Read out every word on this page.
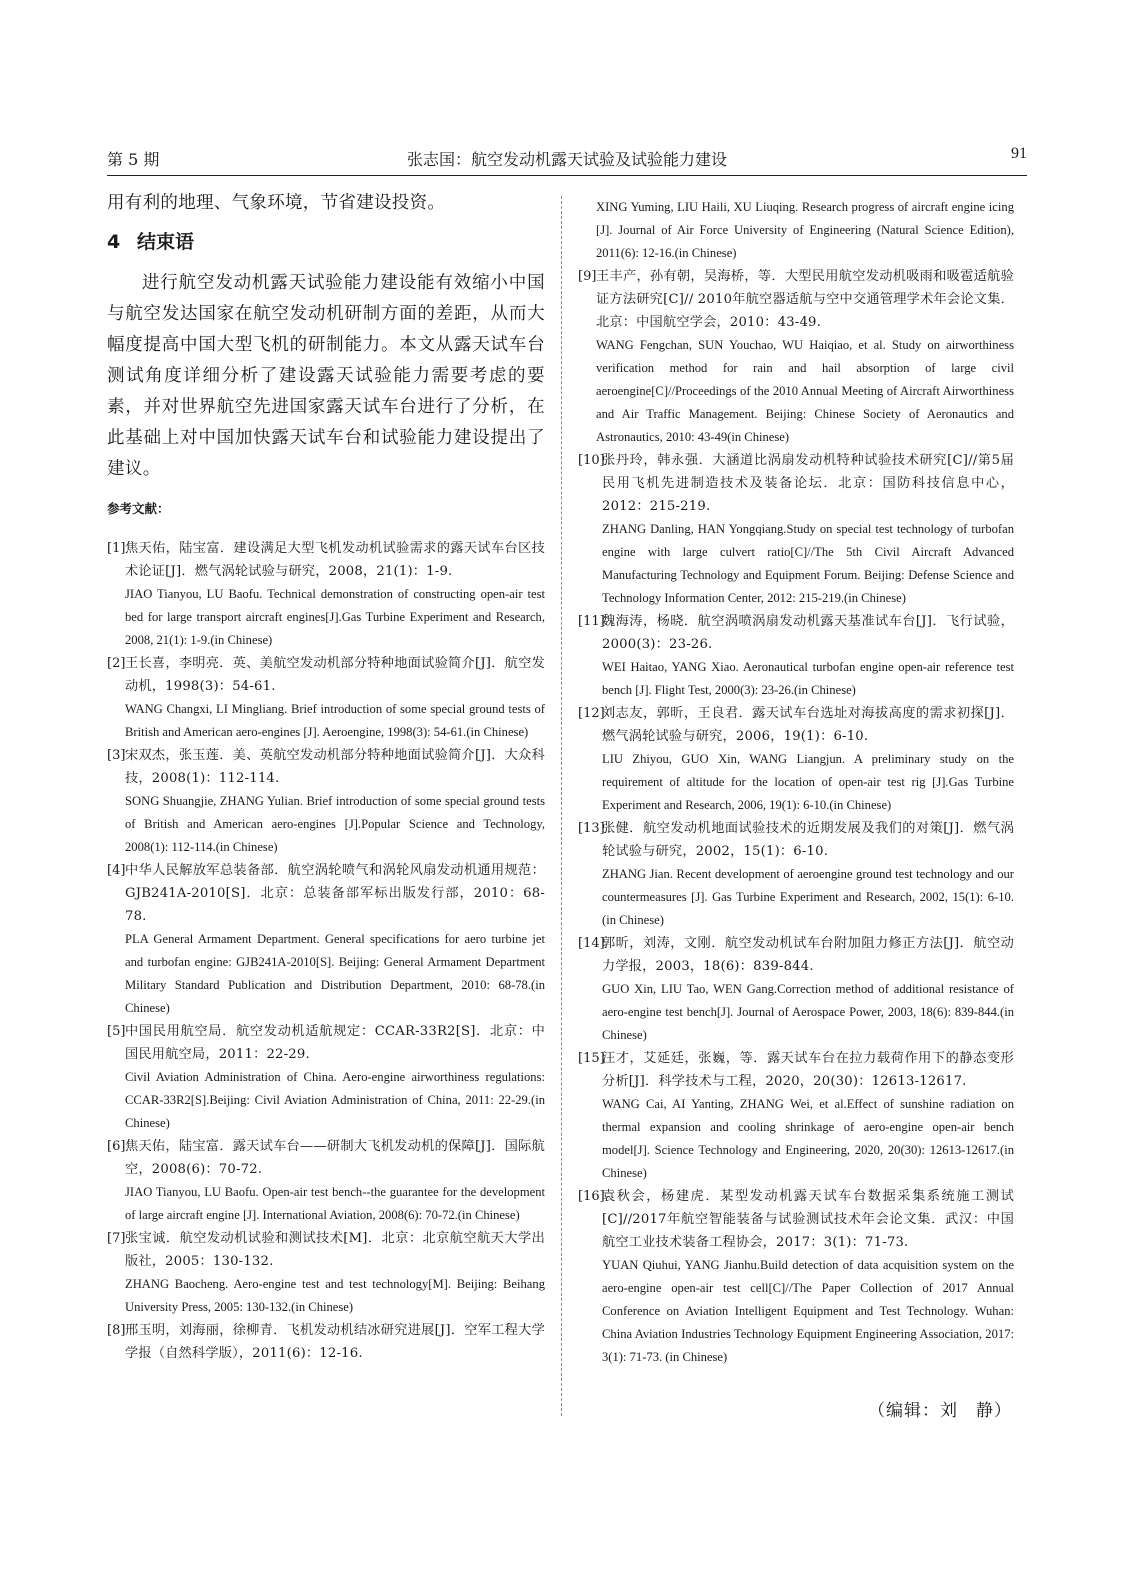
第 5 期	张志国：航空发动机露天试验及试验能力建设	91

用有利的地理、气象环境，节省建设投资。

4 结束语

进行航空发动机露天试验能力建设能有效缩小中国与航空发达国家在航空发动机研制方面的差距，从而大幅度提高中国大型飞机的研制能力。本文从露天试车台测试角度详细分析了建设露天试验能力需要考虑的要素，并对世界航空先进国家露天试车台进行了分析，在此基础上对中国加快露天试车台和试验能力建设提出了建议。

参考文献：
[1] 焦天佑，陆宝富．建设满足大型飞机发动机试验需求的露天试车台区技术论证[J]．燃气涡轮试验与研究，2008，21(1)：1-9.

JIAO Tianyou, LU Baofu. Technical demonstration of constructing open-air test bed for large transport aircraft engines[J].Gas Turbine Experiment and Research, 2008, 21(1): 1-9.(in Chinese)

[2] 王长喜，李明亮．英、美航空发动机部分特种地面试验简介[J]．航空发动机，1998(3)：54-61.

WANG Changxi, LI Mingliang. Brief introduction of some special ground tests of British and American aero-engines [J]. Aeroengine, 1998(3): 54-61.(in Chinese)

[3] 宋双杰，张玉莲．美、英航空发动机部分特种地面试验简介[J]．大众科技，2008(1)：112-114.

SONG Shuangjie, ZHANG Yulian. Brief introduction of some special ground tests of British and American aero-engines [J].Popular Science and Technology, 2008(1): 112-114.(in Chinese)

[4] 中华人民解放军总装备部．航空涡轮喷气和涡轮风扇发动机通用规范：GJB241A-2010[S]．北京：总装备部军标出版发行部，2010：68-78.

PLA General Armament Department. General specifications for aero turbine jet and turbofan engine: GJB241A-2010[S]. Beijing: General Armament Department Military Standard Publication and Distribution Department, 2010: 68-78.(in Chinese)

[5] 中国民用航空局．航空发动机适航规定：CCAR-33R2[S]．北京：中国民用航空局，2011：22-29.

Civil Aviation Administration of China. Aero-engine airworthiness regulations: CCAR-33R2[S].Beijing: Civil Aviation Administration of China, 2011: 22-29.(in Chinese)

[6] 焦天佑，陆宝富．露天试车台——研制大飞机发动机的保障[J]．国际航空，2008(6)：70-72.

JIAO Tianyou, LU Baofu. Open-air test bench--the guarantee for the development of large aircraft engine [J]. International Aviation, 2008(6): 70-72.(in Chinese)

[7] 张宝诚．航空发动机试验和测试技术[M]．北京：北京航空航天大学出版社，2005：130-132.

ZHANG Baocheng. Aero-engine test and test technology[M]. Beijing: Beihang University Press, 2005: 130-132.(in Chinese)

[8] 邢玉明，刘海丽，徐柳青．飞机发动机结冰研究进展[J]．空军工程大学学报（自然科学版），2011(6)：12-16.

XING Yuming, LIU Haili, XU Liuqing. Research progress of aircraft engine icing [J]. Journal of Air Force University of Engineering (Natural Science Edition), 2011(6): 12-16.(in Chinese)

[9] 王丰产，孙有朝，吴海桥，等．大型民用航空发动机吸雨和吸雹适航验证方法研究[C]// 2010年航空器适航与空中交通管理学术年会论文集．北京：中国航空学会，2010：43-49.

WANG Fengchan, SUN Youchao, WU Haiqiao, et al. Study on airworthiness verification method for rain and hail absorption of large civil aeroengine[C]//Proceedings of the 2010 Annual Meeting of Aircraft Airworthiness and Air Traffic Management. Beijing: Chinese Society of Aeronautics and Astronautics, 2010: 43-49(in Chinese)

[10]

张丹玲，韩永强．大涵道比涡扇发动机特种试验技术研究[C]//第5届民用飞机先进制造技术及装备论坛．北京：国防科技信息中心，2012：215-219.

ZHANG Danling, HAN Yongqiang.Study on special test technology of turbofan engine with large culvert ratio[C]//The 5th Civil Aircraft Advanced Manufacturing Technology and Equipment Forum. Beijing: Defense Science and Technology Information Center, 2012: 215-219.(in Chinese)

[11]

魏海涛，杨晓．航空涡喷涡扇发动机露天基准试车台[J]．飞行试验，2000(3)：23-26.

WEI Haitao, YANG Xiao. Aeronautical turbofan engine open-air reference test bench [J]. Flight Test, 2000(3): 23-26.(in Chinese)

[12]

刘志友，郭昕，王良君．露天试车台选址对海拔高度的需求初探[J]．燃气涡轮试验与研究，2006，19(1)：6-10.

LIU Zhiyou, GUO Xin, WANG Liangjun. A preliminary study on the requirement of altitude for the location of open-air test rig [J].Gas Turbine Experiment and Research, 2006, 19(1): 6-10.(in Chinese)

[13]

张健．航空发动机地面试验技术的近期发展及我们的对策[J]．燃气涡轮试验与研究，2002，15(1)：6-10.

ZHANG Jian. Recent development of aeroengine ground test technology and our countermeasures [J]. Gas Turbine Experiment and Research, 2002, 15(1): 6-10.(in Chinese)

[14]

郭昕，刘涛，文刚．航空发动机试车台附加阻力修正方法[J]．航空动力学报，2003，18(6)：839-844.

GUO Xin, LIU Tao, WEN Gang.Correction method of additional resistance of aero-engine test bench[J]. Journal of Aerospace Power, 2003, 18(6): 839-844.(in Chinese)

[15]

汪才，艾延廷，张巍，等．露天试车台在拉力载荷作用下的静态变形分析[J]．科学技术与工程，2020，20(30)：12613-12617.

WANG Cai, AI Yanting, ZHANG Wei, et al.Effect of sunshine radiation on thermal expansion and cooling shrinkage of aero-engine open-air bench model[J]. Science Technology and Engineering, 2020, 20(30): 12613-12617.(in Chinese)

[16]

袁秋会，杨建虎．某型发动机露天试车台数据采集系统施工测试[C]//2017年航空智能装备与试验测试技术年会论文集．武汉：中国航空工业技术装备工程协会，2017：3(1)：71-73.

YUAN Qiuhui, YANG Jianhu.Build detection of data acquisition system on the aero-engine open-air test cell[C]//The Paper Collection of 2017 Annual Conference on Aviation Intelligent Equipment and Test Technology. Wuhan: China Aviation Industries Technology Equipment Engineering Association, 2017: 3(1): 71-73. (in Chinese)

（编辑：刘　静）
